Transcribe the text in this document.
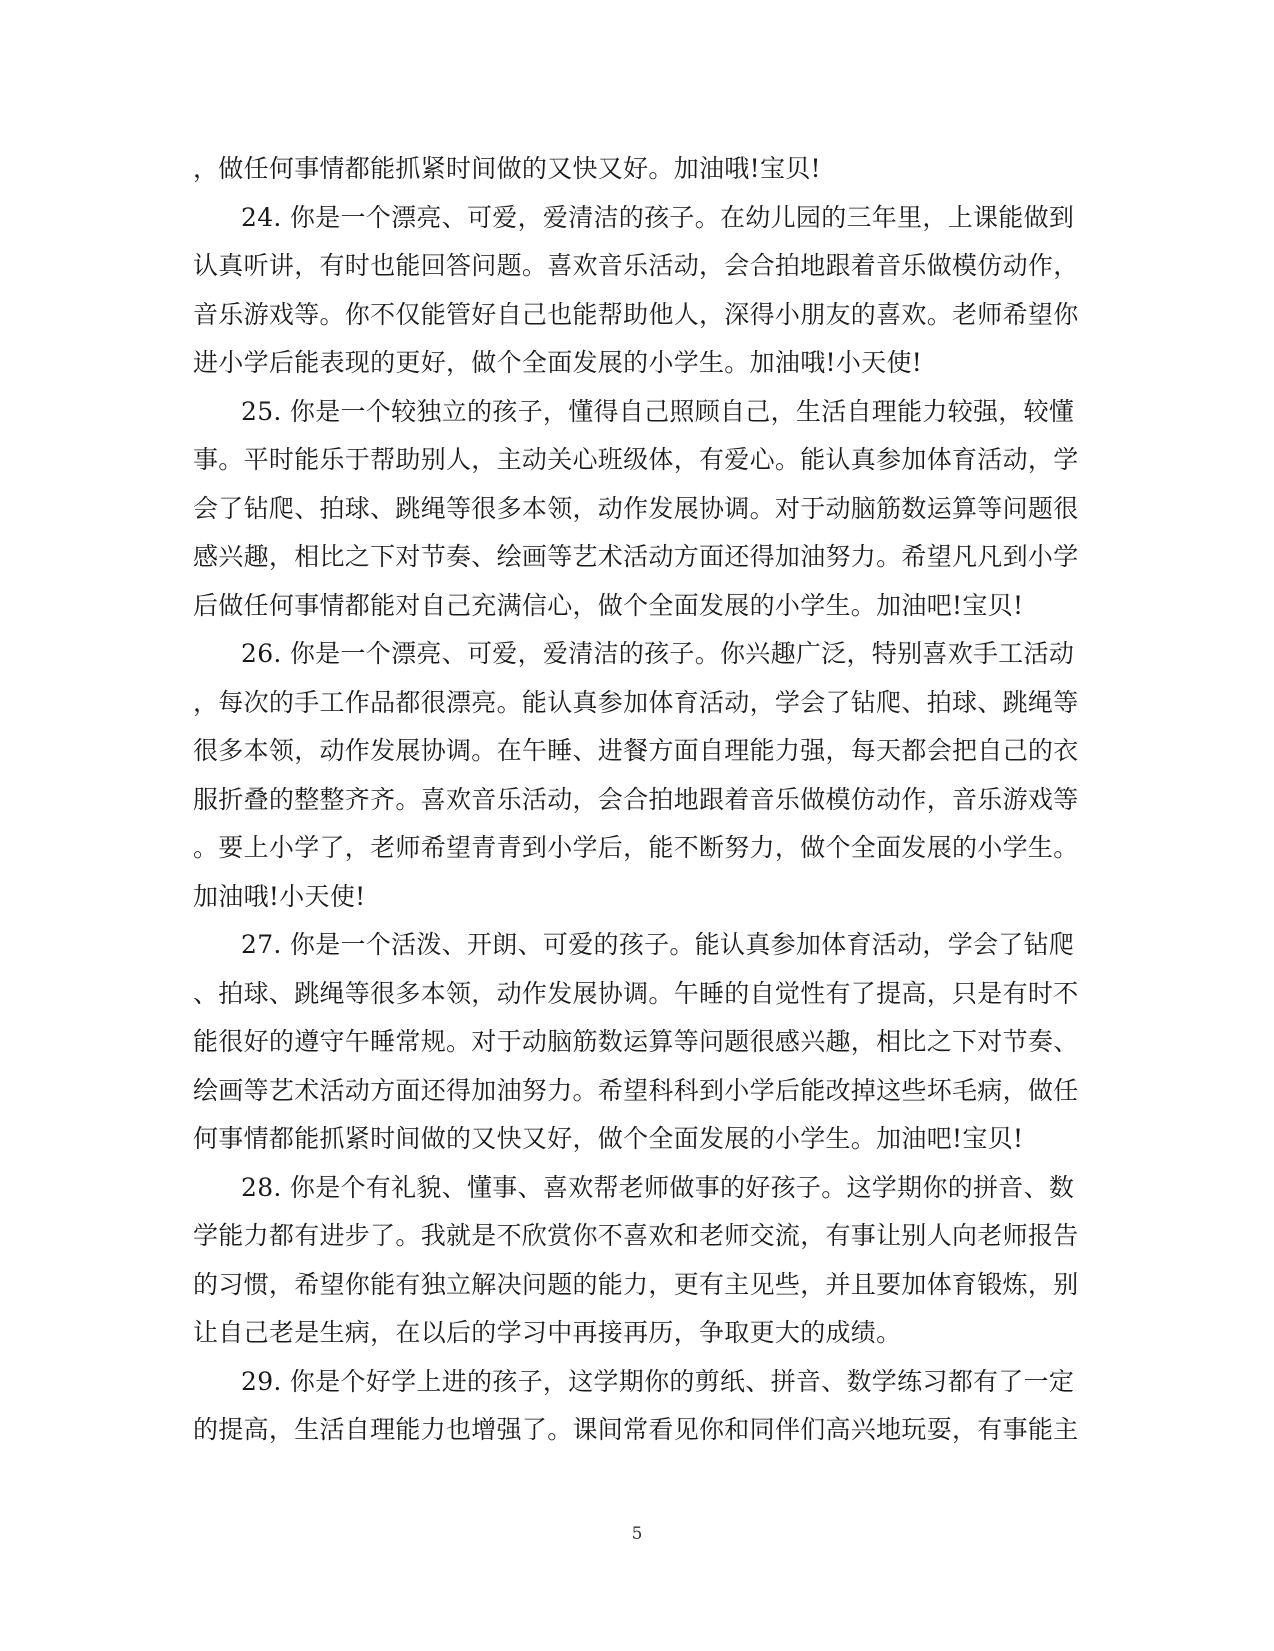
，做任何事情都能抓紧时间做的又快又好。加油哦!宝贝!
24. 你是一个漂亮、可爱，爱清洁的孩子。在幼儿园的三年里，上课能做到
认真听讲，有时也能回答问题。喜欢音乐活动，会合拍地跟着音乐做模仿动作，
音乐游戏等。你不仅能管好自己也能帮助他人，深得小朋友的喜欢。老师希望你
进小学后能表现的更好，做个全面发展的小学生。加油哦!小天使!
25. 你是一个较独立的孩子，懂得自己照顾自己，生活自理能力较强，较懂
事。平时能乐于帮助别人，主动关心班级体，有爱心。能认真参加体育活动，学
会了钻爬、拍球、跳绳等很多本领，动作发展协调。对于动脑筋数运算等问题很
感兴趣，相比之下对节奏、绘画等艺术活动方面还得加油努力。希望凡凡到小学
后做任何事情都能对自己充满信心，做个全面发展的小学生。加油吧!宝贝!
26. 你是一个漂亮、可爱，爱清洁的孩子。你兴趣广泛，特别喜欢手工活动
，每次的手工作品都很漂亮。能认真参加体育活动，学会了钻爬、拍球、跳绳等
很多本领，动作发展协调。在午睡、进餐方面自理能力强，每天都会把自己的衣
服折叠的整整齐齐。喜欢音乐活动，会合拍地跟着音乐做模仿动作，音乐游戏等
。要上小学了，老师希望青青到小学后，能不断努力，做个全面发展的小学生。
加油哦!小天使!
27. 你是一个活泼、开朗、可爱的孩子。能认真参加体育活动，学会了钻爬
、拍球、跳绳等很多本领，动作发展协调。午睡的自觉性有了提高，只是有时不
能很好的遵守午睡常规。对于动脑筋数运算等问题很感兴趣，相比之下对节奏、
绘画等艺术活动方面还得加油努力。希望科科到小学后能改掉这些坏毛病，做任
何事情都能抓紧时间做的又快又好，做个全面发展的小学生。加油吧!宝贝!
28. 你是个有礼貌、懂事、喜欢帮老师做事的好孩子。这学期你的拼音、数
学能力都有进步了。我就是不欣赏你不喜欢和老师交流，有事让别人向老师报告
的习惯，希望你能有独立解决问题的能力，更有主见些，并且要加体育锻炼，别
让自己老是生病，在以后的学习中再接再历，争取更大的成绩。
29. 你是个好学上进的孩子，这学期你的剪纸、拼音、数学练习都有了一定
的提高，生活自理能力也增强了。课间常看见你和同伴们高兴地玩耍，有事能主
5
